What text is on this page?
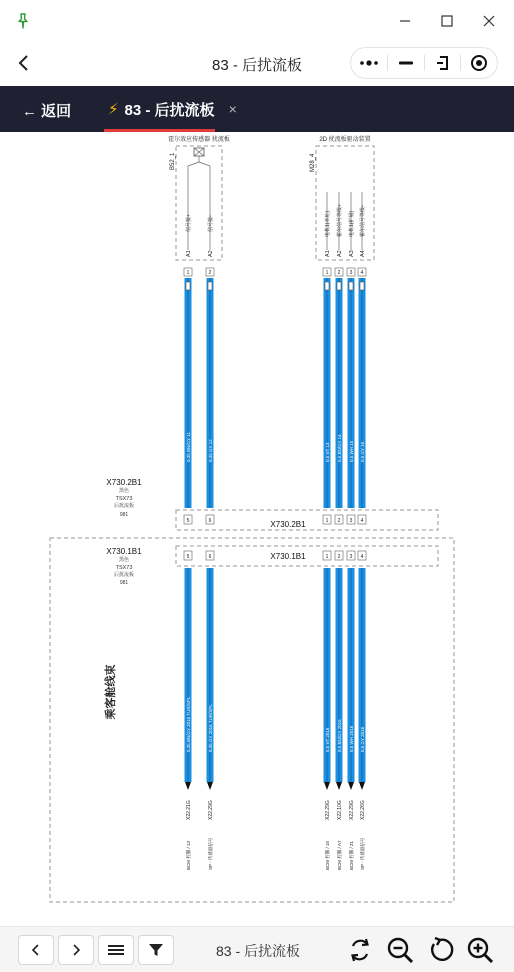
83 - 后扰流板
← 返回 ⚡ 83 - 后扰流板 ×
霍尔效应传感器 扰流板	2D 扰流板驱动装置
B52_1	M28_4
A1
信号接+
A2
信号接-
A1
电机1(本址)
A2
霍尔信号等级+
A3
电机1(扩展)
A4
霍尔信号等级-
1	2	1 2 3 4
0.35 BN/GY 11	0.35 GY 12	0.5 VT 13 0.5 BN/GY 14 0.5 WH 15 0.5 GY 16
X730.2B1
黑色
TSX73
后扰流板
981
X730.2B1
5	6	1 2 3 4
乘客舱线束
X730.1B1
黑色
TSX73
后扰流板
981
X730.1B1
5	6	1 2 3 4
0.35 BN/GY 2016 TUR/SPL
X22.21G
BCM 控制 / 13
0.35 GY 2016 TUR/SPL
X22.29G
SP - 传感器信号
0.5 VT 2016
X22.29G
BCM 控制 / 15
0.5 BN/GY 2016
X22.10G
BCM 控制 / A7
0.5 WH 2016
X22.29G
BCM 控制 / 21
0.5 GY 2016
X22.26G
SP - 传感器信号
83 - 后扰流板
